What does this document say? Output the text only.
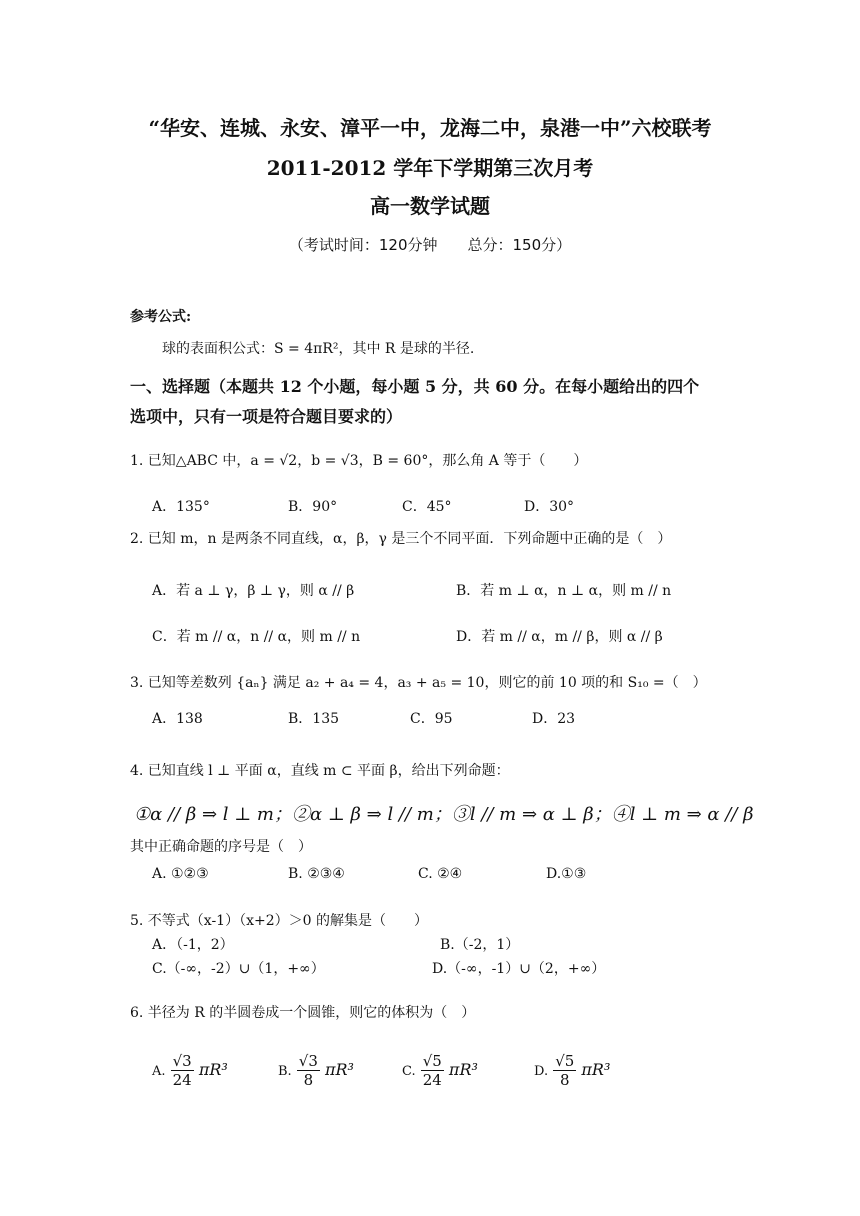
“华安、连城、永安、漳平一中，龙海二中，泉港一中”六校联考
2011-2012 学年下学期第三次月考
高一数学试题
（考试时间：120分钟　　总分：150分）
参考公式:
球的表面积公式：S = 4πR²，其中 R 是球的半径.
一、选择题（本题共 12 个小题，每小题 5 分，共 60 分。在每小题给出的四个
选项中，只有一项是符合题目要求的）
1. 已知△ABC 中，a = √2，b = √3，B = 60°，那么角 A 等于（　　）
A．135°	B．90°	C．45°	D．30°
2. 已知 m，n 是两条不同直线，α，β，γ 是三个不同平面．下列命题中正确的是（　）
A．若 a ⊥ γ，β ⊥ γ，则 α // β	B．若 m ⊥ α，n ⊥ α，则 m // n
C．若 m // α，n // α，则 m // n	D．若 m // α，m // β，则 α // β
3. 已知等差数列 {aₙ} 满足 a₂ + a₄ = 4，a₃ + a₅ = 10，则它的前 10 项的和 S₁₀ =（　）
A．138	B．135	C．95	D．23
4. 已知直线 l ⊥ 平面 α，直线 m ⊂ 平面 β，给出下列命题：
①α // β ⇒ l ⊥ m；②α ⊥ β ⇒ l // m；③l // m ⇒ α ⊥ β；④l ⊥ m ⇒ α // β
其中正确命题的序号是（　）
A. ①②③	B. ②③④	C. ②④	D.①③
5. 不等式（x-1）（x+2）＞0 的解集是（　　）
A．（-1，2）	B.（-2，1）
C.（-∞，-2）∪（1，+∞）	D.（-∞，-1）∪（2，+∞）
6. 半径为 R 的半圆卷成一个圆锥，则它的体积为（　）
A. $\frac{√3}{24} \pi R^3$	B. $\frac{√3}{8} \pi R^3$	C. $\frac{√5}{24} \pi R^3$	D. $\frac{√5}{8} \pi R^3$
